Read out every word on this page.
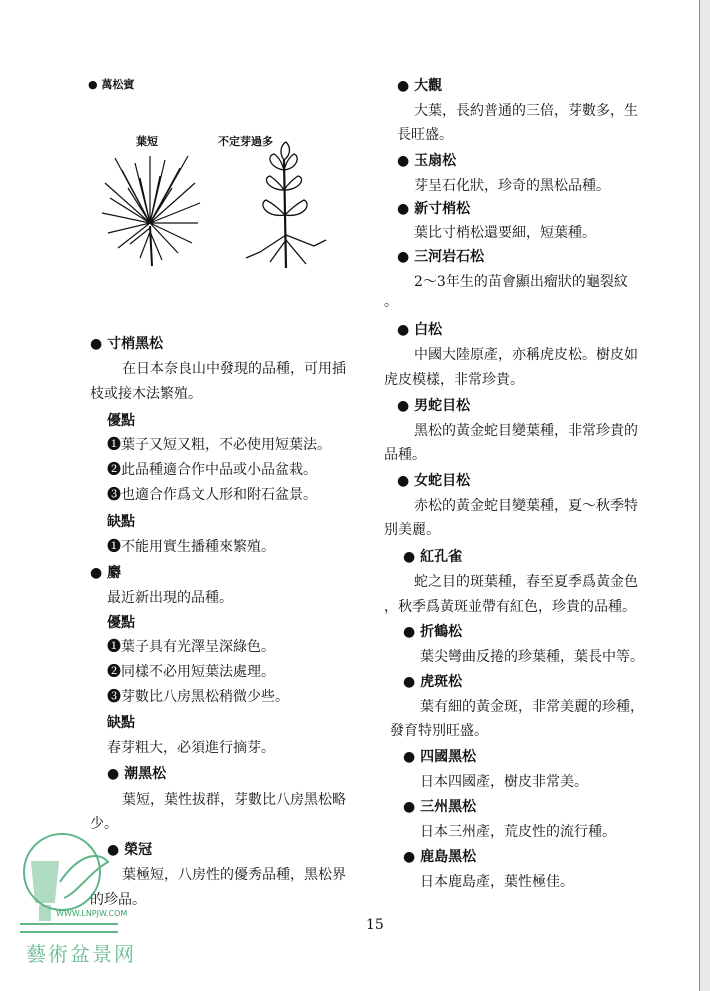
● 萬松賓
葉短	不定芽過多
● 寸梢黑松
在日本奈良山中發現的品種，可用插
枝或接木法繁殖。
優點
❶葉子又短又粗，不必使用短葉法。
❷此品種適合作中品或小品盆栽。
❸也適合作爲文人形和附石盆景。
缺點
❶不能用實生播種來繁殖。
● 麝
最近新出現的品種。
優點
❶葉子具有光澤呈深綠色。
❷同樣不必用短葉法處理。
❸芽數比八房黑松稍微少些。
缺點
春芽粗大，必須進行摘芽。
● 潮黑松
葉短，葉性拔群，芽數比八房黑松略
少。
● 榮冠
葉極短，八房性的優秀品種，黑松界
的珍品。
● 大觀
大葉，長約普通的三倍，芽數多，生
長旺盛。
● 玉扇松
芽呈石化狀，珍奇的黑松品種。
● 新寸梢松
葉比寸梢松還要細，短葉種。
● 三河岩石松
2～3年生的苗會顯出瘤狀的龜裂紋
。
● 白松
中國大陸原產，亦稱虎皮松。樹皮如
虎皮模樣，非常珍貴。
● 男蛇目松
黑松的黃金蛇目變葉種，非常珍貴的
品種。
● 女蛇目松
赤松的黃金蛇目變葉種，夏～秋季特
別美麗。
● 紅孔雀
蛇之目的斑葉種，春至夏季爲黃金色
，秋季爲黃斑並帶有紅色，珍貴的品種。
● 折鶴松
葉尖彎曲反捲的珍葉種，葉長中等。
● 虎斑松
葉有細的黃金斑，非常美麗的珍種，
發育特別旺盛。
● 四國黑松
日本四國產，樹皮非常美。
● 三州黑松
日本三州產，荒皮性的流行種。
● 鹿島黑松
日本鹿島產，葉性極佳。
15
WWW.LNPJW.COM
藝術盆景网
